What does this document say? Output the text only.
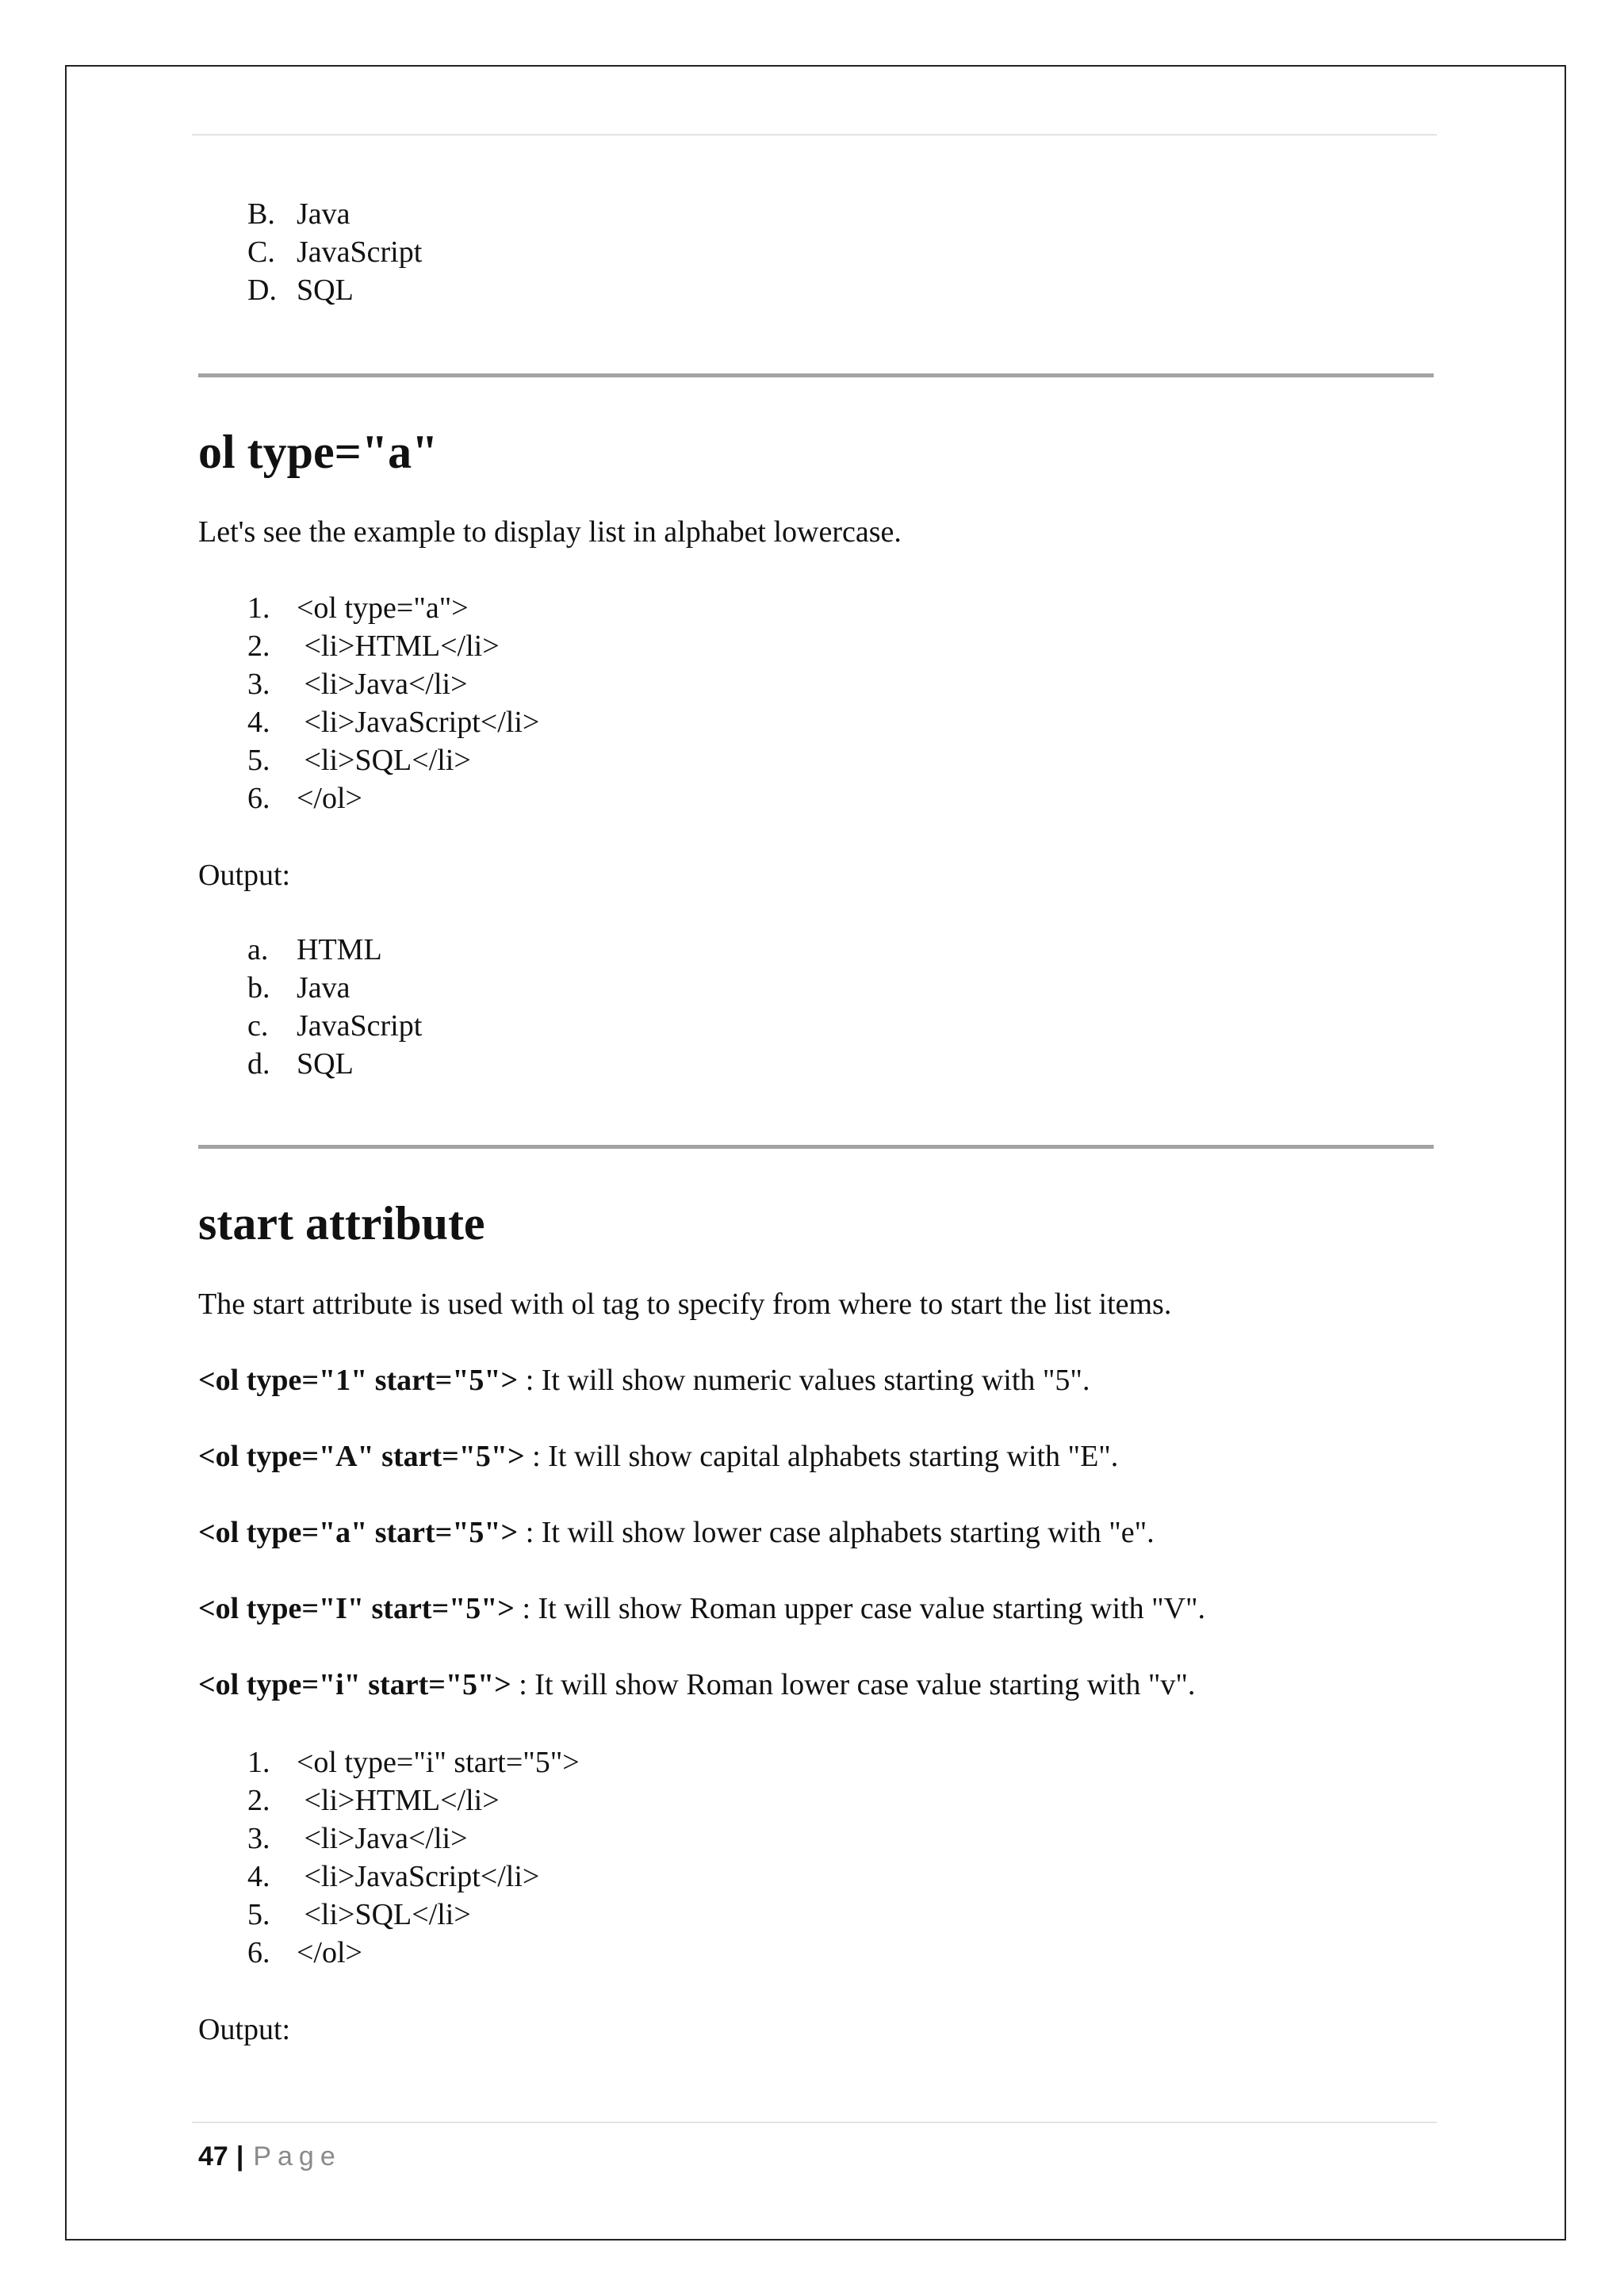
B. Java
C. JavaScript
D. SQL
ol type="a"

Let's see the example to display list in alphabet lowercase.

1. <ol type="a">
2. <li>HTML</li>
3. <li>Java</li>
4. <li>JavaScript</li>
5. <li>SQL</li>
6. </ol>

Output:

a. HTML
b. Java
c. JavaScript
d. SQL
start attribute

The start attribute is used with ol tag to specify from where to start the list items.

<ol type="1" start="5"> : It will show numeric values starting with "5".

<ol type="A" start="5"> : It will show capital alphabets starting with "E".

<ol type="a" start="5"> : It will show lower case alphabets starting with "e".

<ol type="I" start="5"> : It will show Roman upper case value starting with "V".

<ol type="i" start="5"> : It will show Roman lower case value starting with "v".

1. <ol type="i" start="5">
2. <li>HTML</li>
3. <li>Java</li>
4. <li>JavaScript</li>
5. <li>SQL</li>
6. </ol>

Output:

47 | Page
